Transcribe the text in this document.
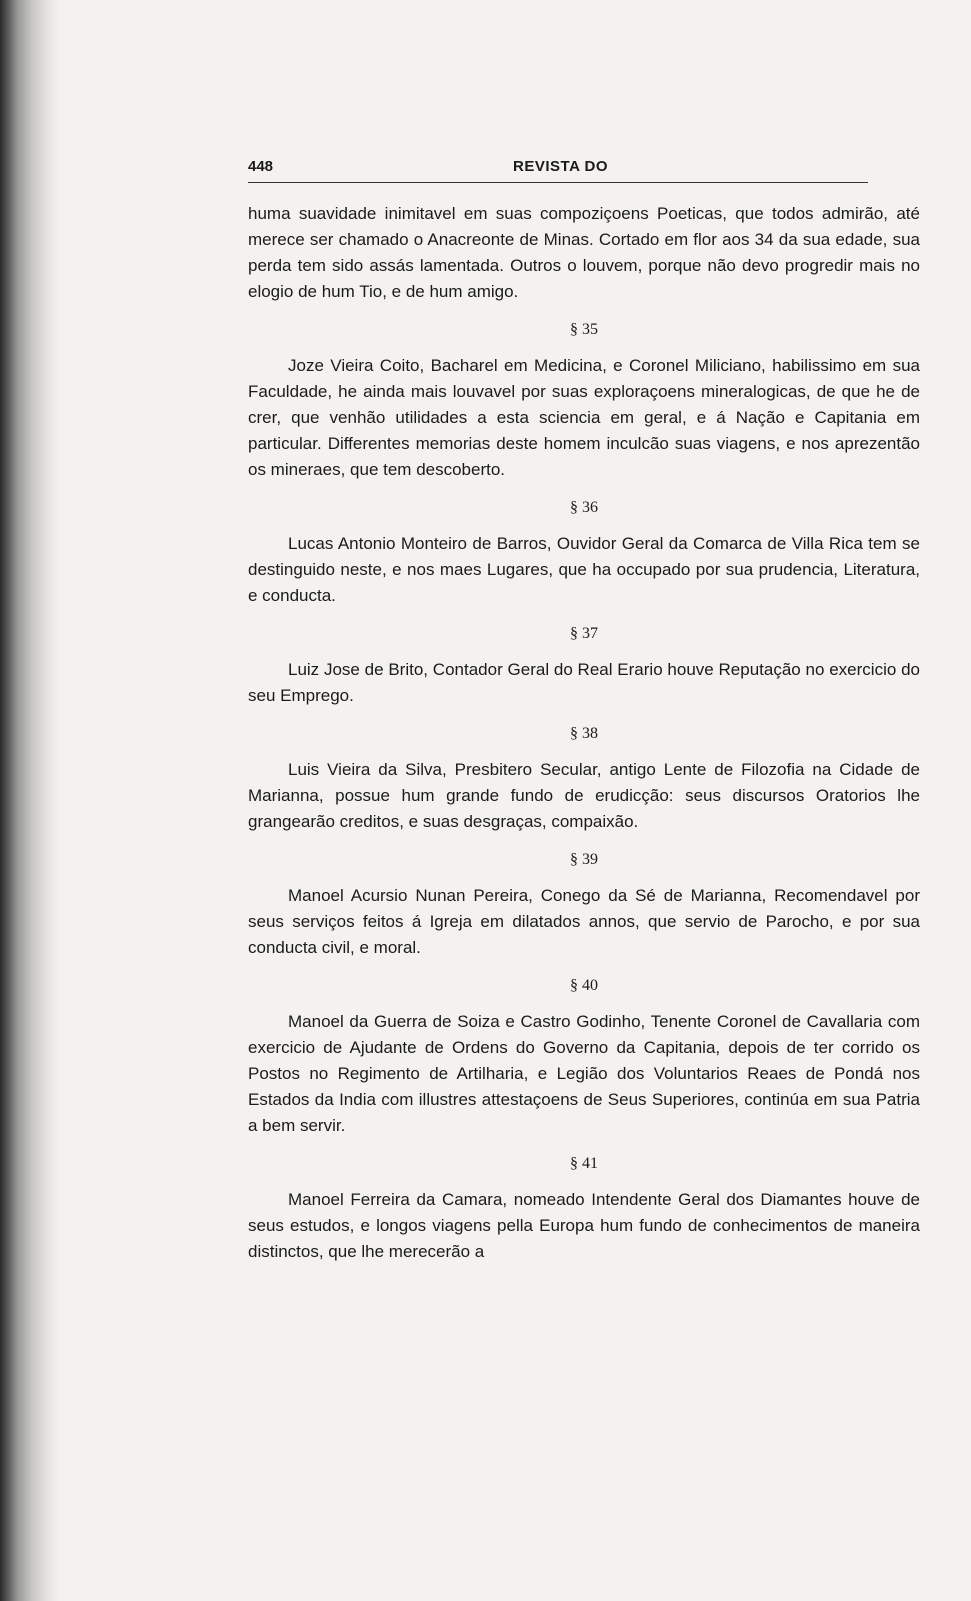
448	REVISTA DO

huma suavidade inimitavel em suas compoziçoens Poeticas, que todos admirão, até merece ser chamado o Anacreonte de Minas. Cortado em flor aos 34 da sua edade, sua perda tem sido assás lamentada. Outros o louvem, porque não devo progredir mais no elogio de hum Tio, e de hum amigo.

§ 35

Joze Vieira Coito, Bacharel em Medicina, e Coronel Miliciano, habilissimo em sua Faculdade, he ainda mais louvavel por suas exploraçoens mineralogicas, de que he de crer, que venhão utilidades a esta sciencia em geral, e á Nação e Capitania em particular. Differentes memorias deste homem inculcão suas viagens, e nos aprezentão os mineraes, que tem descoberto.

§ 36

Lucas Antonio Monteiro de Barros, Ouvidor Geral da Comarca de Villa Rica tem se destinguido neste, e nos maes Lugares, que ha occupado por sua prudencia, Literatura, e conducta.

§ 37

Luiz Jose de Brito, Contador Geral do Real Erario houve Reputação no exercicio do seu Emprego.

§ 38

Luis Vieira da Silva, Presbitero Secular, antigo Lente de Filozofia na Cidade de Marianna, possue hum grande fundo de erudicção: seus discursos Oratorios lhe grangearão creditos, e suas desgraças, compaixão.

§ 39

Manoel Acursio Nunan Pereira, Conego da Sé de Marianna, Recomendavel por seus serviços feitos á Igreja em dilatados annos, que servio de Parocho, e por sua conducta civil, e moral.

§ 40

Manoel da Guerra de Soiza e Castro Godinho, Tenente Coronel de Cavallaria com exercicio de Ajudante de Ordens do Governo da Capitania, depois de ter corrido os Postos no Regimento de Artilharia, e Legião dos Voluntarios Reaes de Pondá nos Estados da India com illustres attestaçoens de Seus Superiores, continúa em sua Patria a bem servir.

§ 41

Manoel Ferreira da Camara, nomeado Intendente Geral dos Diamantes houve de seus estudos, e longos viagens pella Europa hum fundo de conhecimentos de maneira distinctos, que lhe merecerão a
